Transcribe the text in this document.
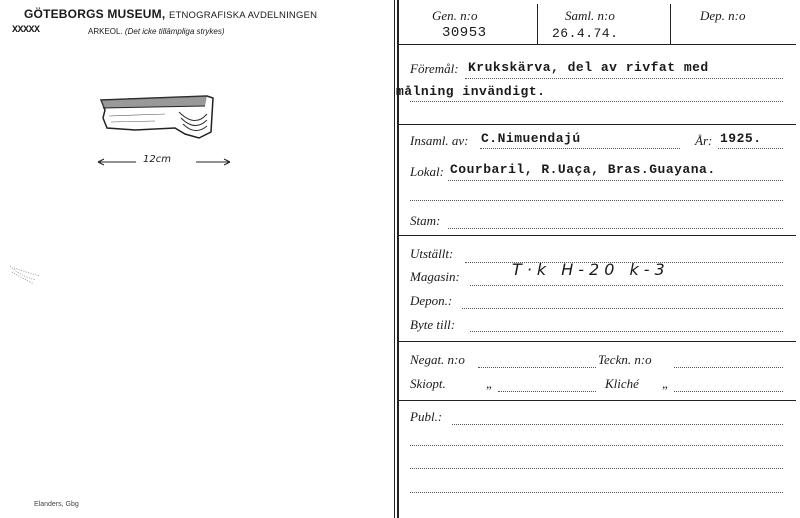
GÖTEBORGS MUSEUM, ETNOGRAFISKA AVDELNINGEN
XXXXX	ARKEOL. (Det icke tillämpliga strykes)
12cm
Elanders, Gbg
Gen. n:o
30953
Saml. n:o
26.4.74.
Dep. n:o
Föremål: Krukskärva, del av rivfat med
målning invändigt.
Insaml. av: C.Nimuendajú	År: 1925.
Lokal: Courbaril, R.Uaça, Bras.Guayana.
Stam:
Utställt:
Magasin:	T·k H-20 k-3
Depon.:
Byte till:
Negat. n:o	Teckn. n:o
Skiopt.	„	Kliché „
Publ.:
